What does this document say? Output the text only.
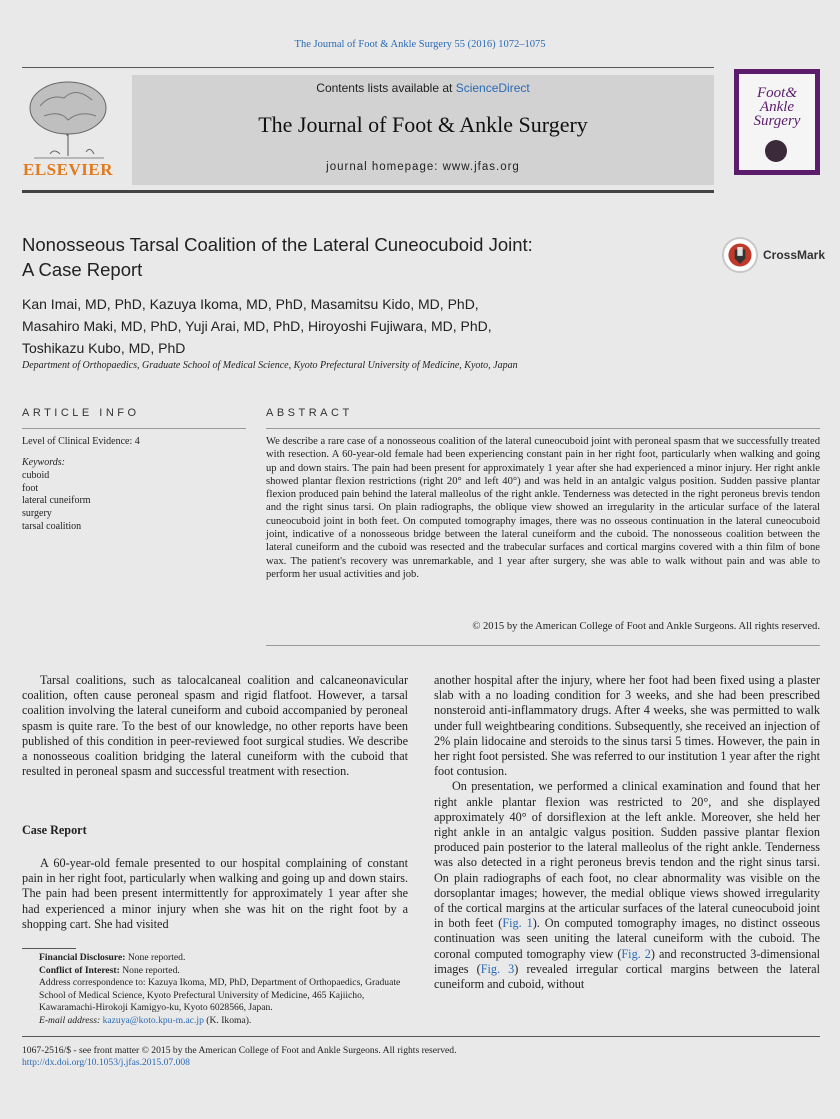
The Journal of Foot & Ankle Surgery 55 (2016) 1072–1075
ELSEVIER
Contents lists available at ScienceDirect
The Journal of Foot & Ankle Surgery
journal homepage: www.jfas.org
Foot& Ankle Surgery
Nonosseous Tarsal Coalition of the Lateral Cuneocuboid Joint:
A Case Report
CrossMark
Kan Imai, MD, PhD, Kazuya Ikoma, MD, PhD, Masamitsu Kido, MD, PhD,
Masahiro Maki, MD, PhD, Yuji Arai, MD, PhD, Hiroyoshi Fujiwara, MD, PhD,
Toshikazu Kubo, MD, PhD
Department of Orthopaedics, Graduate School of Medical Science, Kyoto Prefectural University of Medicine, Kyoto, Japan
ARTICLE INFO	ABSTRACT
Level of Clinical Evidence: 4
Keywords:
cuboid
foot
lateral cuneiform
surgery
tarsal coalition
We describe a rare case of a nonosseous coalition of the lateral cuneocuboid joint with peroneal spasm that we successfully treated with resection. A 60-year-old female had been experiencing constant pain in her right foot, particularly when walking and going up and down stairs. The pain had been present for approximately 1 year after she had experienced a minor injury. Her right ankle showed plantar flexion restrictions (right 20° and left 40°) and was held in an antalgic valgus position. Sudden passive plantar flexion produced pain behind the lateral malleolus of the right ankle. Tenderness was detected in the right peroneus brevis tendon and the right sinus tarsi. On plain radiographs, the oblique view showed an irregularity in the articular surface of the lateral cuneocuboid joint in both feet. On computed tomography images, there was no osseous continuation in the lateral cuneocuboid joint, indicative of a nonosseous bridge between the lateral cuneiform and the cuboid. The nonosseous coalition between the lateral cuneiform and the cuboid was resected and the trabecular surfaces and cortical margins covered with a thin film of bone wax. The patient's recovery was unremarkable, and 1 year after surgery, she was able to walk without pain and was able to perform her usual activities and job.
© 2015 by the American College of Foot and Ankle Surgeons. All rights reserved.

Tarsal coalitions, such as talocalcaneal coalition and calcaneonavicular coalition, often cause peroneal spasm and rigid flatfoot. However, a tarsal coalition involving the lateral cuneiform and cuboid accompanied by peroneal spasm is quite rare. To the best of our knowledge, no other reports have been published of this condition in peer-reviewed foot surgical studies. We describe a nonosseous coalition bridging the lateral cuneiform with the cuboid that resulted in peroneal spasm and successful treatment with resection.

Case Report

A 60-year-old female presented to our hospital complaining of constant pain in her right foot, particularly when walking and going up and down stairs. The pain had been present intermittently for approximately 1 year after she had experienced a minor injury when she was hit on the right foot by a shopping cart. She had visited

another hospital after the injury, where her foot had been fixed using a plaster slab with a no loading condition for 3 weeks, and she had been prescribed nonsteroid anti-inflammatory drugs. After 4 weeks, she was permitted to walk under full weightbearing conditions. Subsequently, she received an injection of 2% plain lidocaine and steroids to the sinus tarsi 5 times. However, the pain in her right foot persisted. She was referred to our institution 1 year after the right foot contusion.

On presentation, we performed a clinical examination and found that her right ankle plantar flexion was restricted to 20°, and she displayed approximately 40° of dorsiflexion at the left ankle. Moreover, she held her right ankle in an antalgic valgus position. Sudden passive plantar flexion produced pain posterior to the lateral malleolus of the right ankle. Tenderness was also detected in a right peroneus brevis tendon and the right sinus tarsi. On plain radiographs of each foot, no clear abnormality was visible on the dorsoplantar images; however, the medial oblique views showed irregularity of the cortical margins at the articular surfaces of the lateral cuneocuboid joint in both feet (Fig. 1). On computed tomography images, no distinct osseous continuation was seen uniting the lateral cuneiform with the cuboid. The coronal computed tomography view (Fig. 2) and reconstructed 3-dimensional images (Fig. 3) revealed irregular cortical margins between the lateral cuneiform and cuboid, without

Financial Disclosure: None reported.
Conflict of Interest: None reported.
Address correspondence to: Kazuya Ikoma, MD, PhD, Department of Orthopaedics, Graduate School of Medical Science, Kyoto Prefectural University of Medicine, 465 Kajiicho, Kawaramachi-Hirokoji Kamigyo-ku, Kyoto 6028566, Japan.
E-mail address: kazuya@koto.kpu-m.ac.jp (K. Ikoma).
1067-2516/$ - see front matter © 2015 by the American College of Foot and Ankle Surgeons. All rights reserved.
http://dx.doi.org/10.1053/j.jfas.2015.07.008
